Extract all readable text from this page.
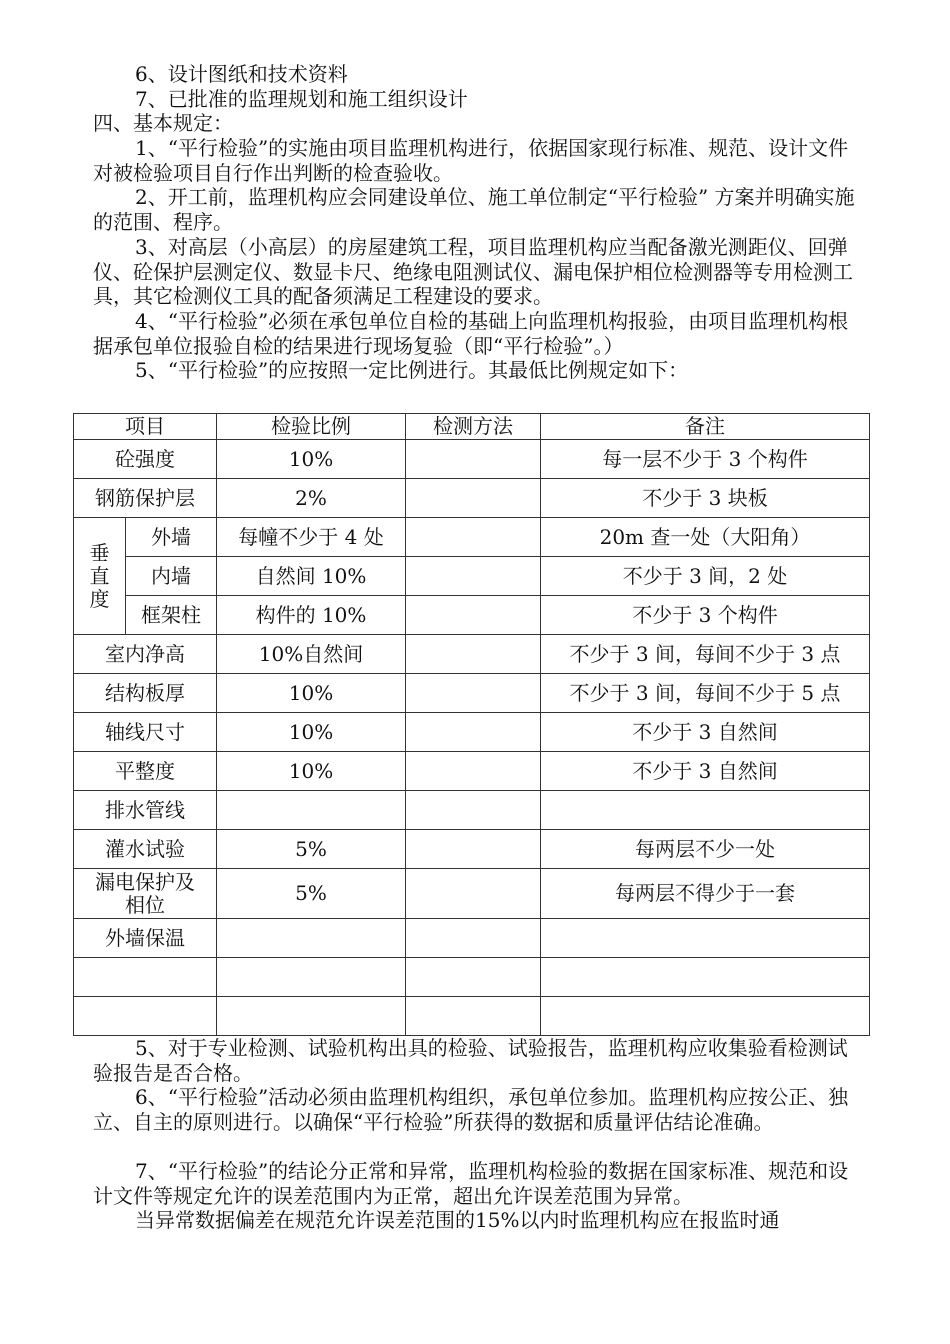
6、设计图纸和技术资料

7、已批准的监理规划和施工组织设计

四、基本规定：

1、“平行检验”的实施由项目监理机构进行，依据国家现行标准、规范、设计文件对被检验项目自行作出判断的检查验收。

2、开工前，监理机构应会同建设单位、施工单位制定“平行检验” 方案并明确实施的范围、程序。

3、对高层（小高层）的房屋建筑工程，项目监理机构应当配备激光测距仪、回弹仪、砼保护层测定仪、数显卡尺、绝缘电阻测试仪、漏电保护相位检测器等专用检测工具，其它检测仪工具的配备须满足工程建设的要求。

4、“平行检验”必须在承包单位自检的基础上向监理机构报验，由项目监理机构根据承包单位报验自检的结果进行现场复验（即“平行检验”。）

5、“平行检验”的应按照一定比例进行。其最低比例规定如下：

项目		检验比例	检测方法	备注
砼强度		10%		每一层不少于 3 个构件
钢筋保护层		2%		不少于 3 块板

垂
直
度	外墙	每幢不少于 4 处		20m 查一处（大阳角）
	内墙	自然间 10%		不少于 3 间，2 处
	框架柱	构件的 10%		不少于 3 个构件
室内净高		10%自然间		不少于 3 间，每间不少于 3 点
结构板厚		10%		不少于 3 间，每间不少于 5 点
轴线尺寸		10%		不少于 3 自然间
平整度		10%		不少于 3 自然间
排水管线				
灌水试验		5%		每两层不少一处
漏电保护及相位		5%		每两层不得少于一套
外墙保温				

5、对于专业检测、试验机构出具的检验、试验报告，监理机构应收集验看检测试验报告是否合格。

6、“平行检验”活动必须由监理机构组织，承包单位参加。监理机构应按公正、独立、自主的原则进行。以确保“平行检验”所获得的数据和质量评估结论准确。

7、“平行检验”的结论分正常和异常，监理机构检验的数据在国家标准、规范和设计文件等规定允许的误差范围内为正常，超出允许误差范围为异常。

当异常数据偏差在规范允许误差范围的15%以内时监理机构应在报监时通
